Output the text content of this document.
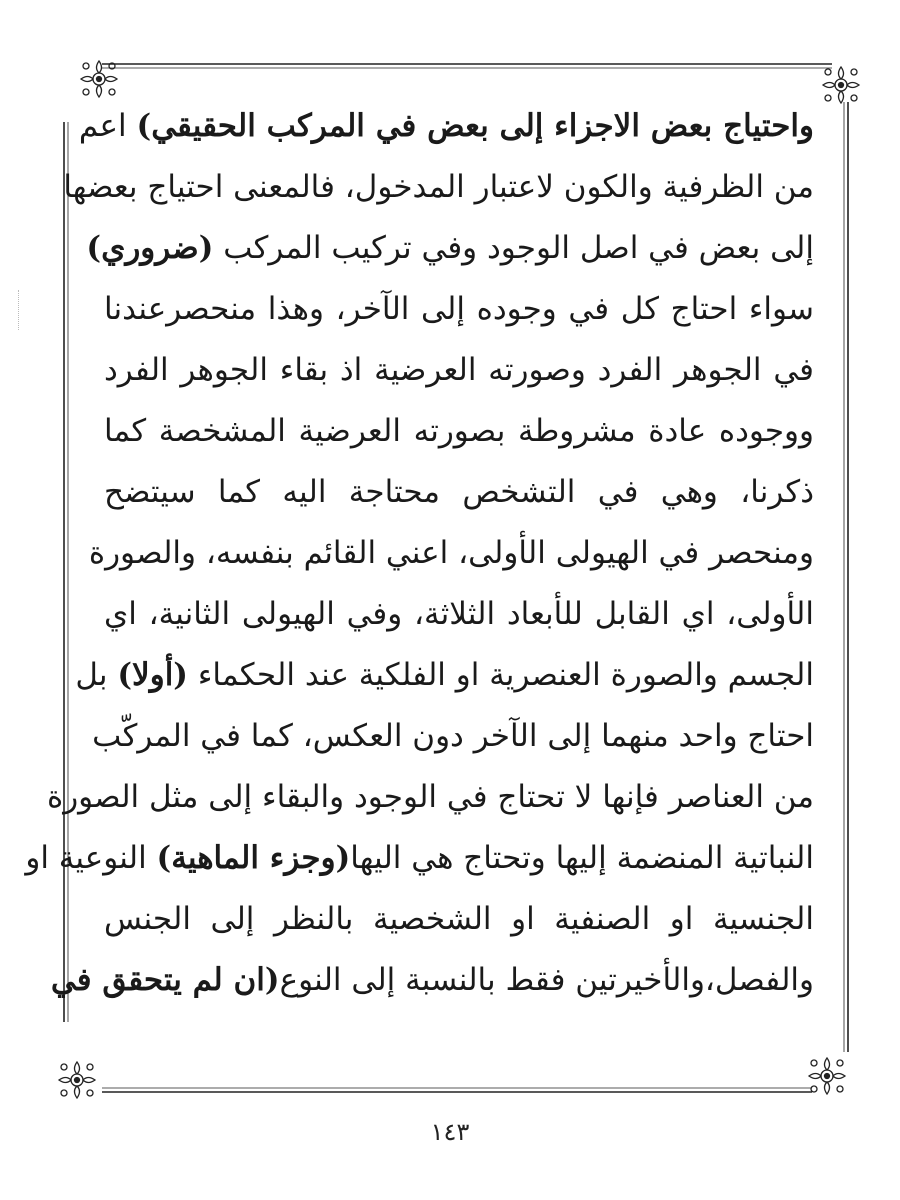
واحتياج بعض الاجزاء إلى بعض في المركب الحقيقي) اعم
من الظرفية والكون لاعتبار المدخول، فالمعنى احتياج بعضها
إلى بعض في اصل الوجود وفي تركيب المركب (ضروري)
سواء احتاج كل في وجوده إلى الآخر، وهذا منحصرعندنا
في الجوهر الفرد وصورته العرضية اذ بقاء الجوهر الفرد
ووجوده عادة مشروطة بصورته العرضية المشخصة كما
ذكرنا، وهي في التشخص محتاجة اليه كما سيتضح
ومنحصر في الهيولى الأولى، اعني القائم بنفسه، والصورة
الأولى، اي القابل للأبعاد الثلاثة، وفي الهيولى الثانية، اي
الجسم والصورة العنصرية او الفلكية عند الحكماء (أولا) بل
احتاج واحد منهما إلى الآخر دون العكس، كما في المركّب
من العناصر فإنها لا تحتاج في الوجود والبقاء إلى مثل الصورة
النباتية المنضمة إليها وتحتاج هي اليها(وجزء الماهية) النوعية او
الجنسية او الصنفية او الشخصية بالنظر إلى الجنس
والفصل،والأخيرتين فقط بالنسبة إلى النوع(ان لم يتحقق في
١٤٣
